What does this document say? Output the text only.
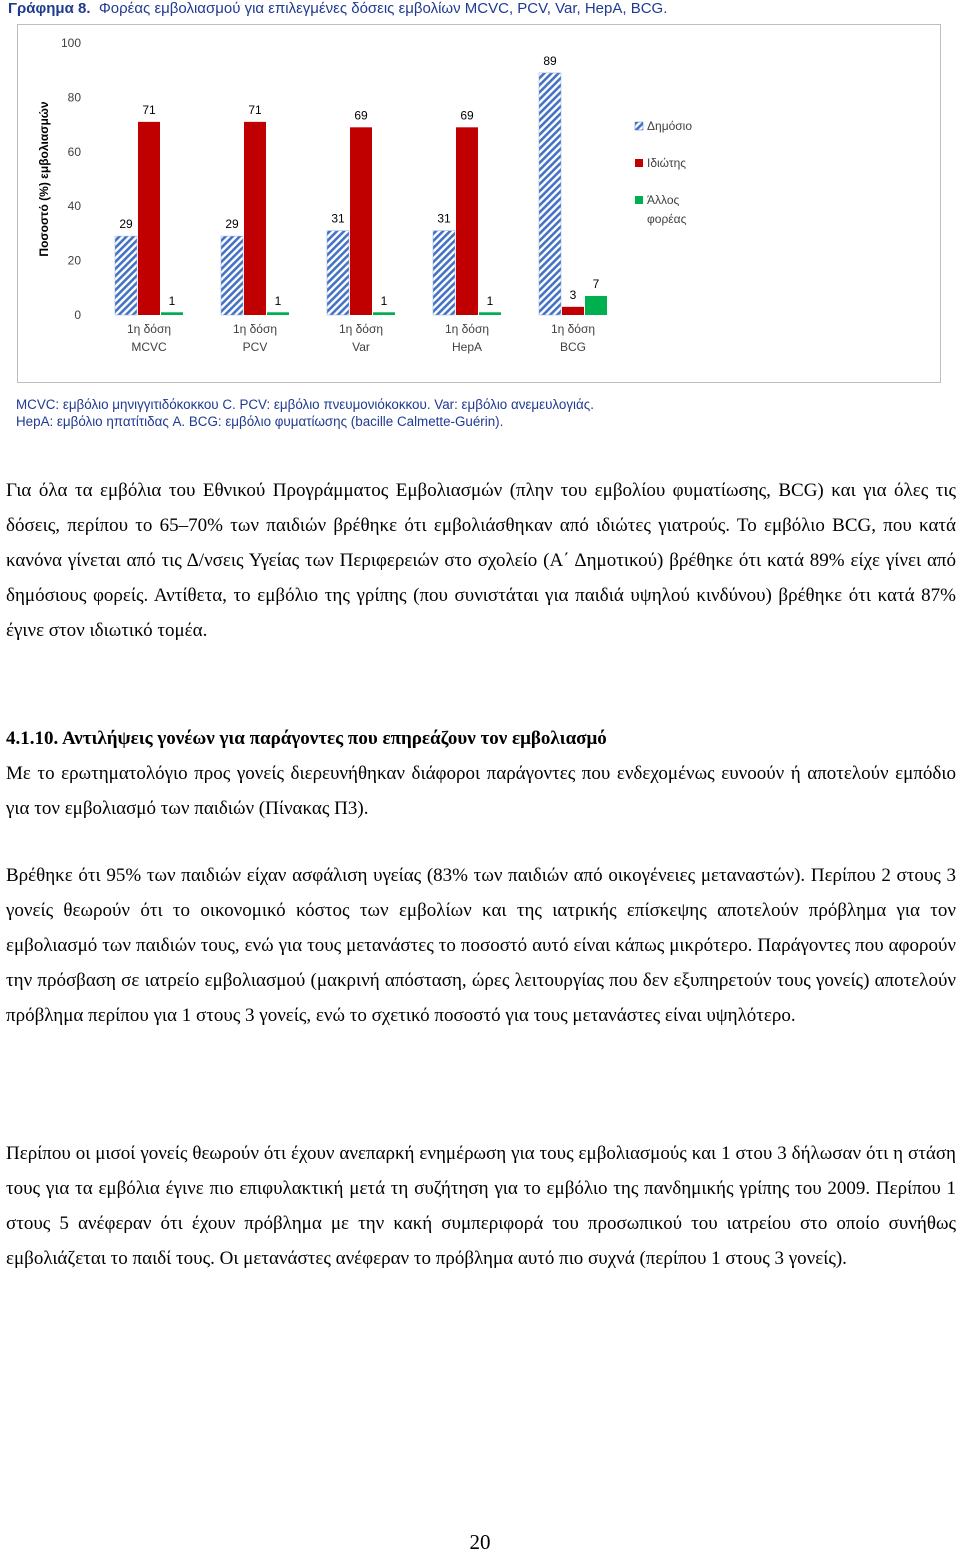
Γράφημα 8. Φορέας εμβολιασμού για επιλεγμένες δόσεις εμβολίων MCVC, PCV, Var, HepA, BCG.
0
20
40
60
80
100
Ποσοστό (%) εμβολιασμών	29	29	31	31
89
71	71	69	69
3
1	1	1	1
7
1η δόση
MCVC
1η δόση
PCV
1η δόση
Var
1η δόση
HepA
1η δόση
BCG
Δημόσιο
Ιδιώτης
Άλλος
φορέας
MCVC: εμβόλιο μηνιγγιτιδόκοκκου C. PCV: εμβόλιο πνευμονιόκοκκου. Var: εμβόλιο ανεμευλογιάς.
HepA: εμβόλιο ηπατίτιδας A. BCG: εμβόλιο φυματίωσης (bacille Calmette-Guérin).

Για όλα τα εμβόλια του Εθνικού Προγράμματος Εμβολιασμών (πλην του εμβολίου φυματίωσης, BCG) και για όλες τις δόσεις, περίπου το 65–70% των παιδιών βρέθηκε ότι εμβολιάσθηκαν από ιδιώτες γιατρούς. Το εμβόλιο BCG, που κατά κανόνα γίνεται από τις Δ/νσεις Υγείας των Περιφερειών στο σχολείο (Α΄ Δημοτικού) βρέθηκε ότι κατά 89% είχε γίνει από δημόσιους φορείς. Αντίθετα, το εμβόλιο της γρίπης (που συνιστάται για παιδιά υψηλού κινδύνου) βρέθηκε ότι κατά 87% έγινε στον ιδιωτικό τομέα.

4.1.10. Αντιλήψεις γονέων για παράγοντες που επηρεάζουν τον εμβολιασμό

Με το ερωτηματολόγιο προς γονείς διερευνήθηκαν διάφοροι παράγοντες που ενδεχομένως ευνοούν ή αποτελούν εμπόδιο για τον εμβολιασμό των παιδιών (Πίνακας Π3).

Βρέθηκε ότι 95% των παιδιών είχαν ασφάλιση υγείας (83% των παιδιών από οικογένειες μεταναστών). Περίπου 2 στους 3 γονείς θεωρούν ότι το οικονομικό κόστος των εμβολίων και της ιατρικής επίσκεψης αποτελούν πρόβλημα για τον εμβολιασμό των παιδιών τους, ενώ για τους μετανάστες το ποσοστό αυτό είναι κάπως μικρότερο. Παράγοντες που αφορούν την πρόσβαση σε ιατρείο εμβολιασμού (μακρινή απόσταση, ώρες λειτουργίας που δεν εξυπηρετούν τους γονείς) αποτελούν πρόβλημα περίπου για 1 στους 3 γονείς, ενώ το σχετικό ποσοστό για τους μετανάστες είναι υψηλότερο.

Περίπου οι μισοί γονείς θεωρούν ότι έχουν ανεπαρκή ενημέρωση για τους εμβολιασμούς και 1 στου 3 δήλωσαν ότι η στάση τους για τα εμβόλια έγινε πιο επιφυλακτική μετά τη συζήτηση για το εμβόλιο της πανδημικής γρίπης του 2009. Περίπου 1 στους 5 ανέφεραν ότι έχουν πρόβλημα με την κακή συμπεριφορά του προσωπικού του ιατρείου στο οποίο συνήθως εμβολιάζεται το παιδί τους. Οι μετανάστες ανέφεραν το πρόβλημα αυτό πιο συχνά (περίπου 1 στους 3 γονείς).

20
